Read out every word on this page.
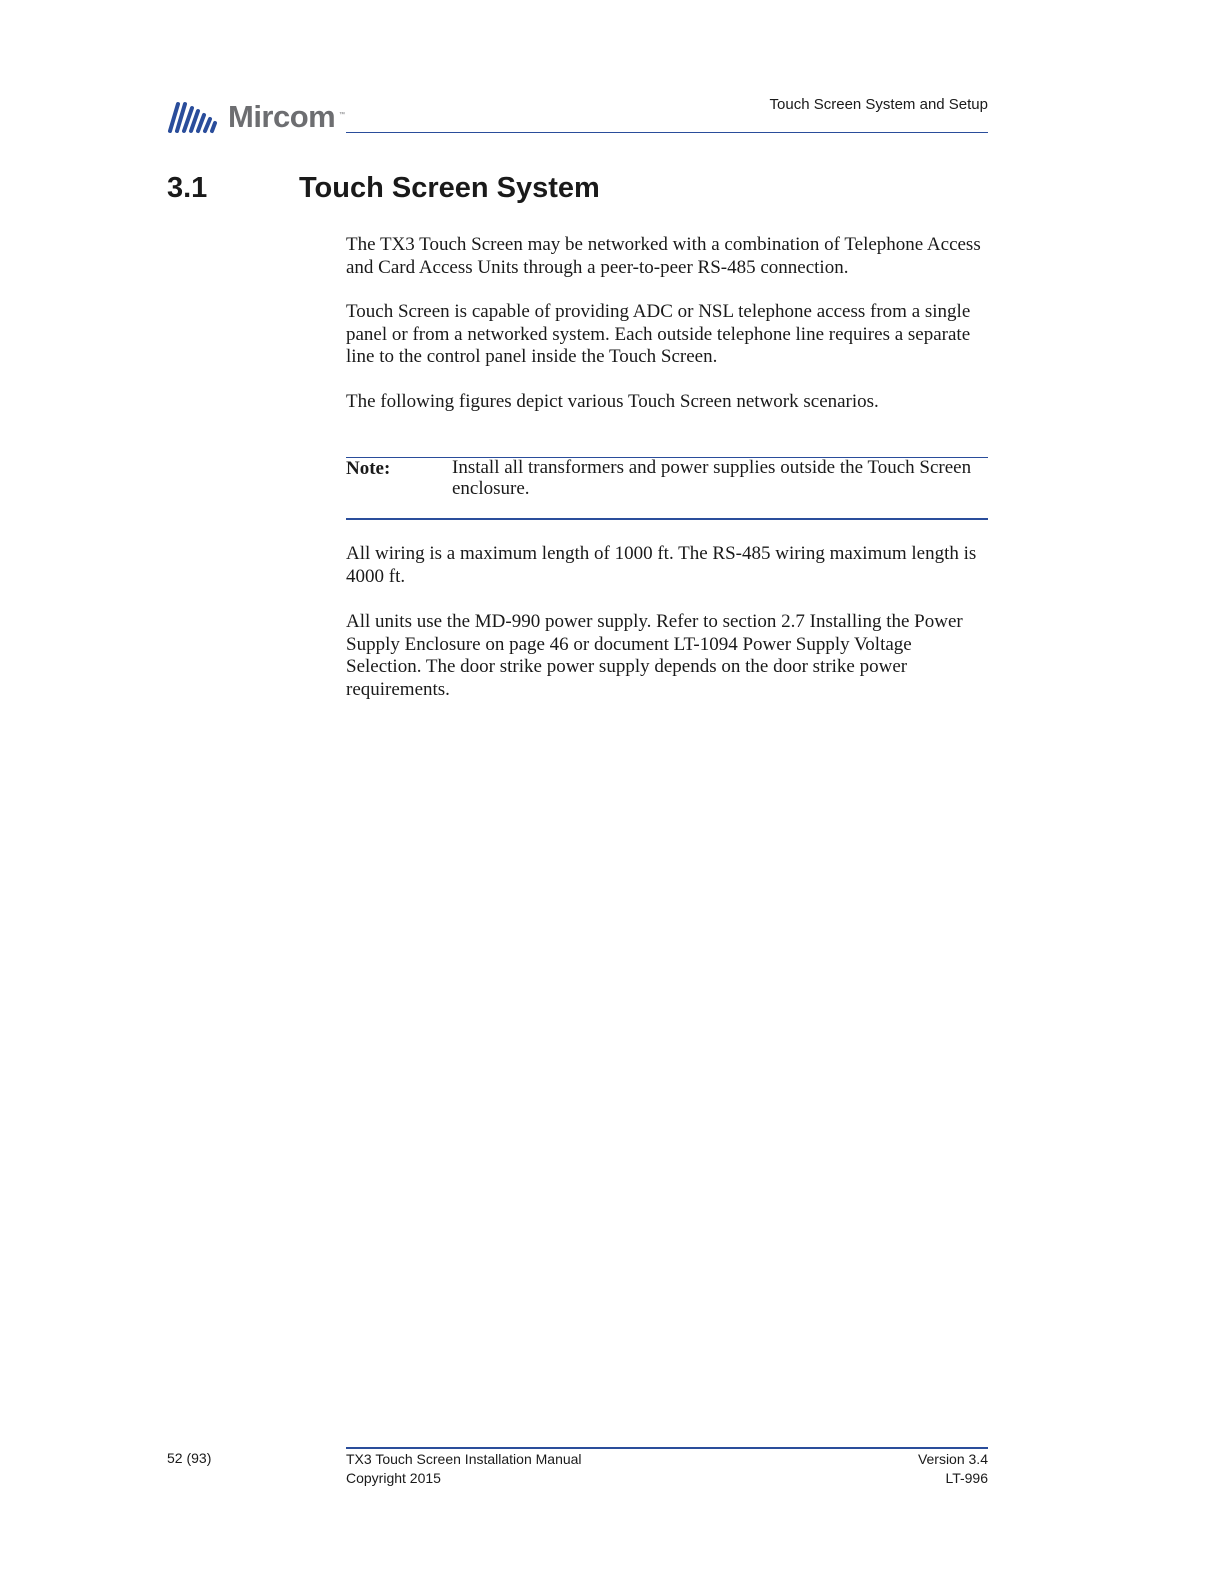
Mircom ™
Touch Screen System and Setup
3.1	Touch Screen System

The TX3 Touch Screen may be networked with a combination of Telephone Access and Card Access Units through a peer-to-peer RS-485 connection.

Touch Screen is capable of providing ADC or NSL telephone access from a single panel or from a networked system. Each outside telephone line requires a separate line to the control panel inside the Touch Screen.

The following figures depict various Touch Screen network scenarios.

Note:	Install all transformers and power supplies outside the Touch Screen enclosure.

All wiring is a maximum length of 1000 ft. The RS-485 wiring maximum length is 4000 ft.

All units use the MD-990 power supply. Refer to section 2.7 Installing the Power Supply Enclosure on page 46 or document LT-1094 Power Supply Voltage Selection. The door strike power supply depends on the door strike power requirements.

52 (93)	TX3 Touch Screen Installation Manual
Copyright 2015
Version 3.4
LT-996
